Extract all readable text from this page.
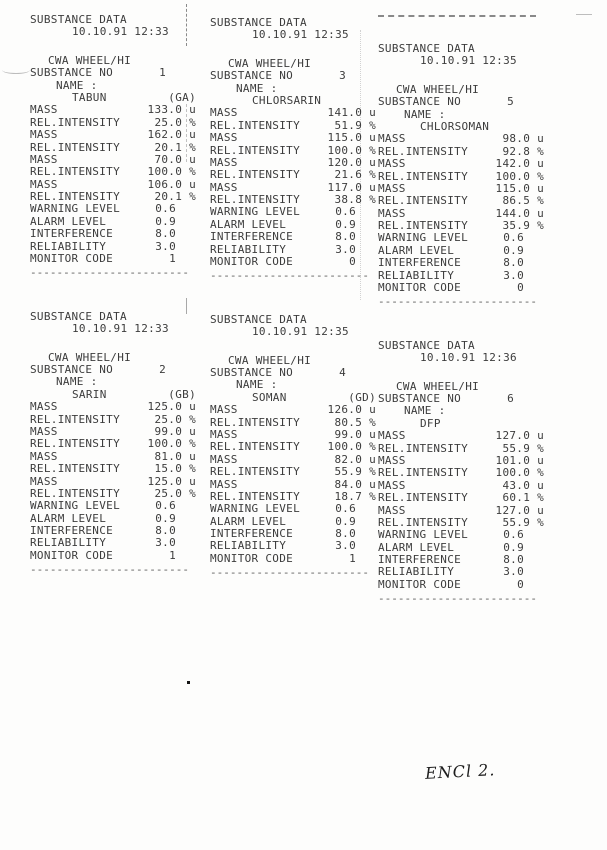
SUBSTANCE DATA
10.10.91 12:33
CWA WHEEL/HI
SUBSTANCE NO	1
NAME :
TABUN	(GA)
MASS	133.0 u
REL.INTENSITY	25.0 %
MASS	162.0 u
REL.INTENSITY	20.1 %
MASS	70.0 u
REL.INTENSITY	100.0 %
MASS	106.0 u
REL.INTENSITY	20.1 %
WARNING LEVEL	0.6
ALARM LEVEL	0.9
INTERFERENCE	8.0
RELIABILITY	3.0
MONITOR CODE	1
------------------------
SUBSTANCE DATA
10.10.91 12:33
CWA WHEEL/HI
SUBSTANCE NO	2
NAME :
SARIN	(GB)
MASS	125.0 u
REL.INTENSITY	25.0 %
MASS	99.0 u
REL.INTENSITY	100.0 %
MASS	81.0 u
REL.INTENSITY	15.0 %
MASS	125.0 u
REL.INTENSITY	25.0 %
WARNING LEVEL	0.6
ALARM LEVEL	0.9
INTERFERENCE	8.0
RELIABILITY	3.0
MONITOR CODE	1
------------------------
SUBSTANCE DATA
10.10.91 12:35
CWA WHEEL/HI
SUBSTANCE NO	3
NAME :
CHLORSARIN
MASS	141.0 u
REL.INTENSITY	51.9 %
MASS	115.0 u
REL.INTENSITY	100.0 %
MASS	120.0 u
REL.INTENSITY	21.6 %
MASS	117.0 u
REL.INTENSITY	38.8 %
WARNING LEVEL	0.6
ALARM LEVEL	0.9
INTERFERENCE	8.0
RELIABILITY	3.0
MONITOR CODE	0
------------------------
SUBSTANCE DATA
10.10.91 12:35
CWA WHEEL/HI
SUBSTANCE NO	4
NAME :
SOMAN	(GD)
MASS	126.0 u
REL.INTENSITY	80.5 %
MASS	99.0 u
REL.INTENSITY	100.0 %
MASS	82.0 u
REL.INTENSITY	55.9 %
MASS	84.0 u
REL.INTENSITY	18.7 %
WARNING LEVEL	0.6
ALARM LEVEL	0.9
INTERFERENCE	8.0
RELIABILITY	3.0
MONITOR CODE	1
------------------------
SUBSTANCE DATA
10.10.91 12:35
CWA WHEEL/HI
SUBSTANCE NO	5
NAME :
CHLORSOMAN
MASS	98.0 u
REL.INTENSITY	92.8 %
MASS	142.0 u
REL.INTENSITY	100.0 %
MASS	115.0 u
REL.INTENSITY	86.5 %
MASS	144.0 u
REL.INTENSITY	35.9 %
WARNING LEVEL	0.6
ALARM LEVEL	0.9
INTERFERENCE	8.0
RELIABILITY	3.0
MONITOR CODE	0
------------------------
SUBSTANCE DATA
10.10.91 12:36
CWA WHEEL/HI
SUBSTANCE NO	6
NAME :
DFP
MASS	127.0 u
REL.INTENSITY	55.9 %
MASS	101.0 u
REL.INTENSITY	100.0 %
MASS	43.0 u
REL.INTENSITY	60.1 %
MASS	127.0 u
REL.INTENSITY	55.9 %
WARNING LEVEL	0.6
ALARM LEVEL	0.9
INTERFERENCE	8.0
RELIABILITY	3.0
MONITOR CODE	0
------------------------
ENCl 2.
